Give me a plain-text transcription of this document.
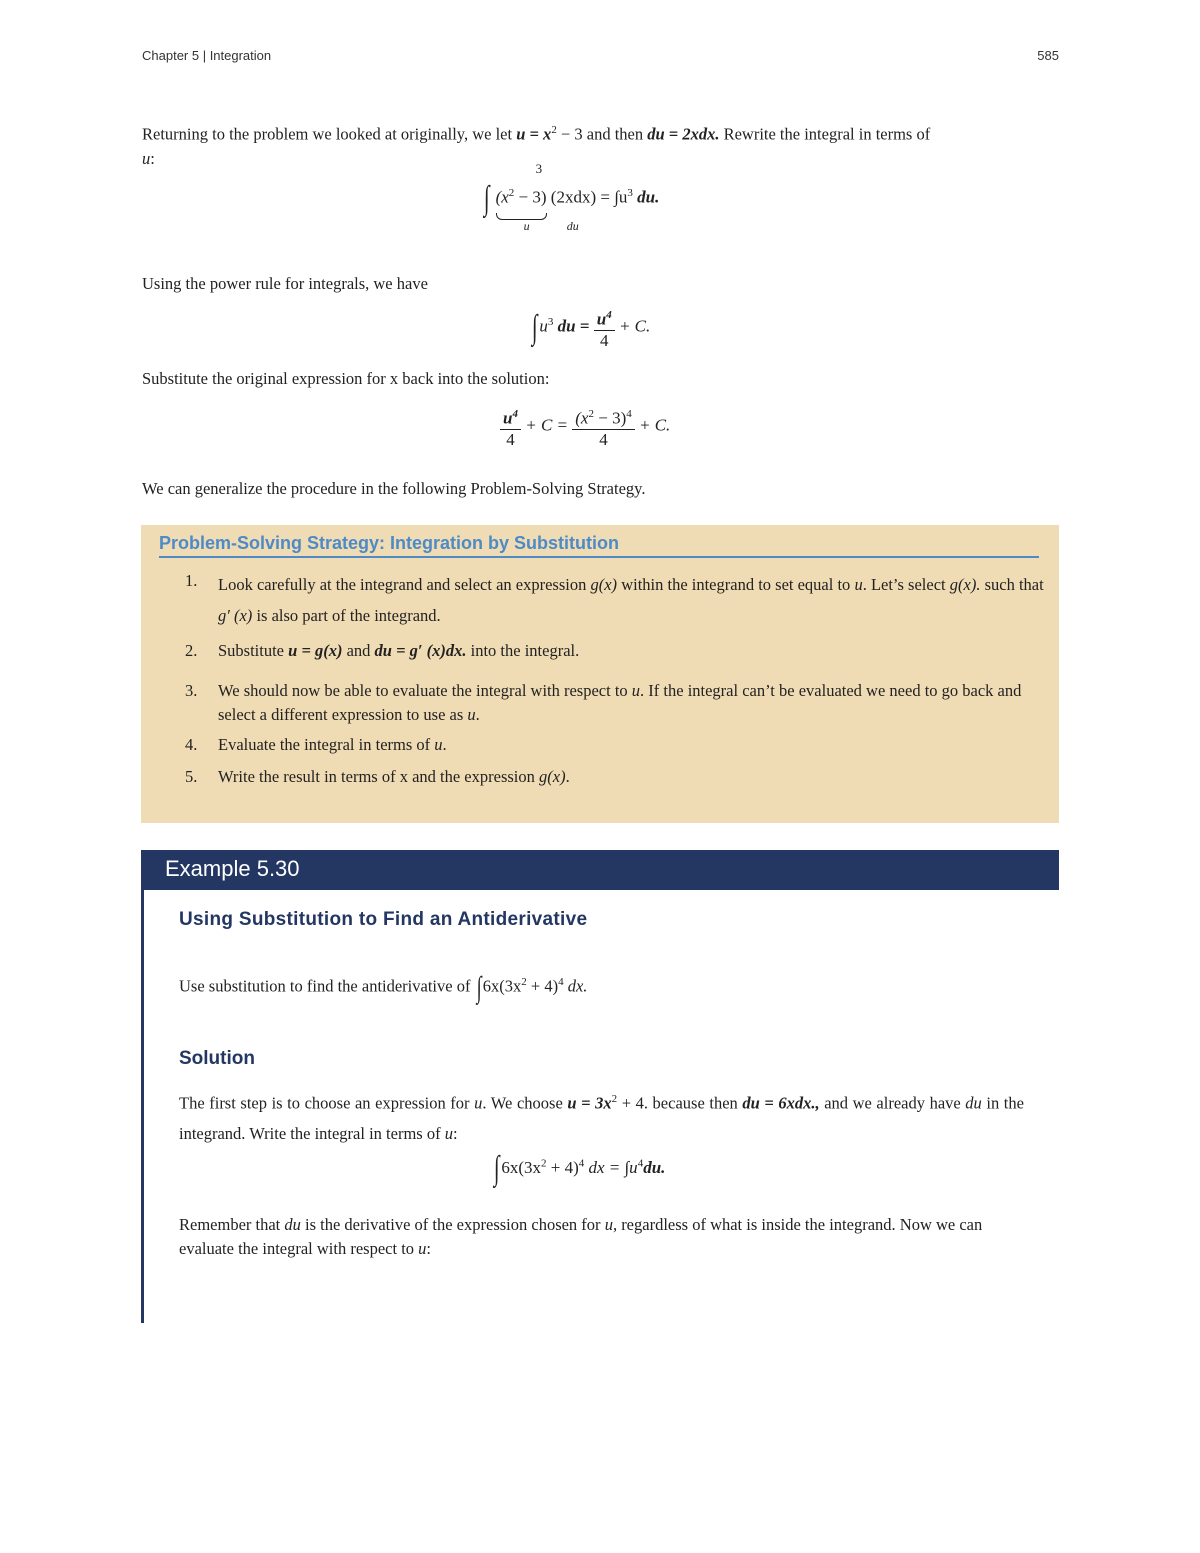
Chapter 5 | Integration	585
Returning to the problem we looked at originally, we let $u = x^2 - 3$ and then du = 2xdx. Rewrite the integral in terms of
u:
∫ $(x^2 - 3)$
3
u
$(2xdx) = \int u^3$ du.
du
Using the power rule for integrals, we have
∫ $u^3$ du = $\frac{u^4}{4} + C$.
Substitute the original expression for x back into the solution:
$\frac{u^4}{4} + C = \frac{(x^2 - 3)^4}{4} + C$.
We can generalize the procedure in the following Problem-Solving Strategy.
Problem-Solving Strategy: Integration by Substitution
1. Look carefully at the integrand and select an expression g(x) within the integrand to set equal to u. Let’s select g(x). such that g′ (x) is also part of the integrand.
2. Substitute u = g(x) and du = g′ (x)dx. into the integral.
3. We should now be able to evaluate the integral with respect to u. If the integral can’t be evaluated we need to go back and select a different expression to use as u.
4. Evaluate the integral in terms of u.
5. Write the result in terms of x and the expression g(x).
Example 5.30
Using Substitution to Find an Antiderivative
Use substitution to find the antiderivative of $\int 6x(3x^2 + 4)^4$ dx.
Solution
The first step is to choose an expression for u. We choose $u = 3x^2 + 4$. because then du = 6xdx., and we already have du in the integrand. Write the integral in terms of u:
∫ $6x(3x^2 + 4)^4$ dx = $\int u^4du$.
Remember that du is the derivative of the expression chosen for u, regardless of what is inside the integrand. Now we can evaluate the integral with respect to u:
